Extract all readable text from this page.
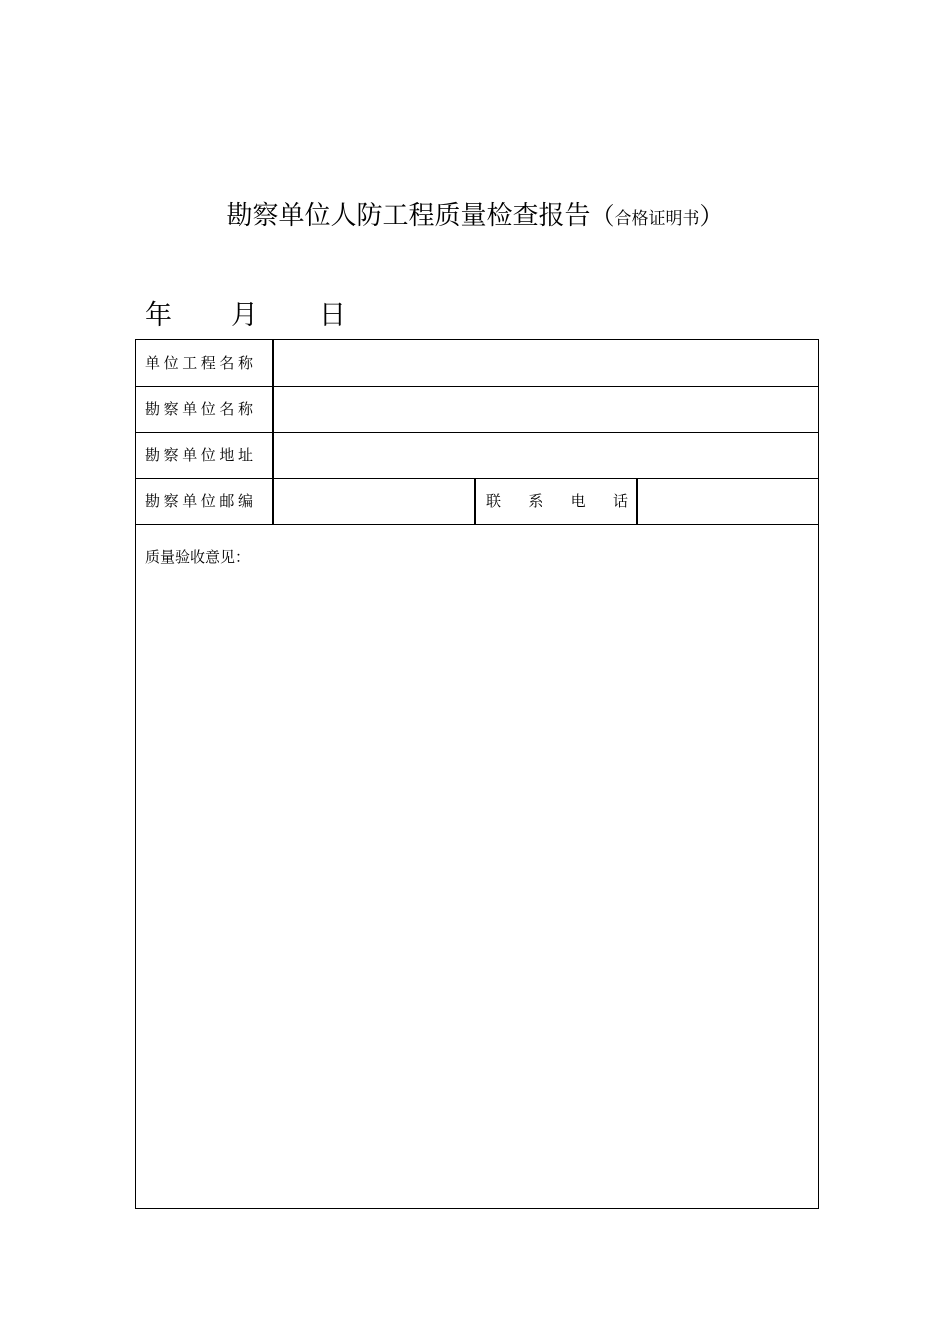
勘察单位人防工程质量检查报告（合格证明书）
年 月 日
单位工程名称
勘察单位名称
勘察单位地址
勘察单位邮编	联 系 电 话
质量验收意见：
